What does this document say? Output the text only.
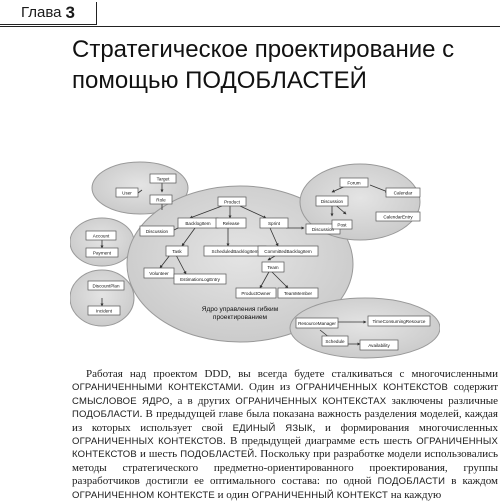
Глава 3
Стратегическое проектирование с помощью ПОДОБЛАСТЕЙ
Target
User
Role
Account
Payment
DiscountPlan
Incident
Product
BacklogItem	Release	Sprint
Discussion	Discussion
Task	ScheduledBacklogItem CommittedBacklogItem
Volunteer
EstimationLogEntry
Team
ProductOwner	TeamMember
Forum
Calendar
Discussion
CalendarEntry
Post
ResourceManager	TimeConsumingResource
Schedule
Availability
Ядро управления гибким проектированием

Работая над проектом DDD, вы всегда будете сталкиваться с многочисленными ОГРАНИЧЕННЫМИ КОНТЕКСТАМИ. Один из ОГРАНИЧЕННЫХ КОНТЕКСТОВ содержит СМЫСЛОВОЕ ЯДРО, а в других ОГРАНИЧЕННЫХ КОНТЕКСТАХ заключены различные ПОДОБЛАСТИ. В предыдущей главе была показана важность разделения моделей, каждая из которых использует свой ЕДИНЫЙ ЯЗЫК, и формирования многочисленных ОГРАНИЧЕННЫХ КОНТЕКСТОВ. В предыдущей диаграмме есть шесть ОГРАНИЧЕННЫХ КОНТЕКСТОВ и шесть ПОДОБЛАСТЕЙ. Поскольку при разработке модели использовались методы стратегического предметно-ориентированного проектирования, группы разработчиков достигли ее оптимального состава: по одной ПОДОБЛАСТИ в каждом ОГРАНИЧЕННОМ КОНТЕКСТЕ и один ОГРАНИЧЕННЫЙ КОНТЕКСТ на каждую
